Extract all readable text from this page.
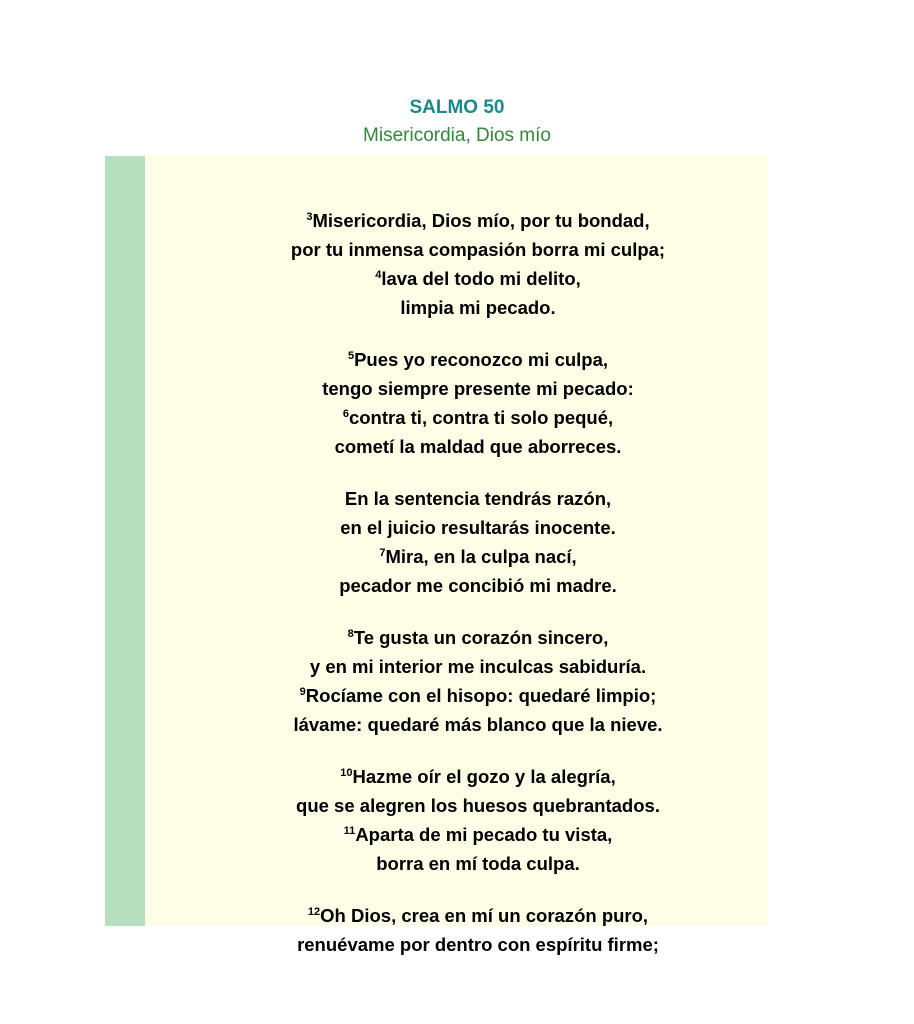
SALMO 50

Misericordia, Dios mío

$^3$Misericordia, Dios mío, por tu bondad,
por tu inmensa compasión borra mi culpa;
$^4$lava del todo mi delito,
limpia mi pecado.
$^5$Pues yo reconozco mi culpa,
tengo siempre presente mi pecado:
$^6$contra ti, contra ti solo pequé,
cometí la maldad que aborreces.
En la sentencia tendrás razón,
en el juicio resultarás inocente.
$^7$Mira, en la culpa nací,
pecador me concibió mi madre.
$^8$Te gusta un corazón sincero,
y en mi interior me inculcas sabiduría.
$^9$Rocíame con el hisopo: quedaré limpio;
lávame: quedaré más blanco que la nieve.
$^{10}$Hazme oír el gozo y la alegría,
que se alegren los huesos quebrantados.
$^{11}$Aparta de mi pecado tu vista,
borra en mí toda culpa.
$^{12}$Oh Dios, crea en mí un corazón puro,
renuévame por dentro con espíritu firme;
